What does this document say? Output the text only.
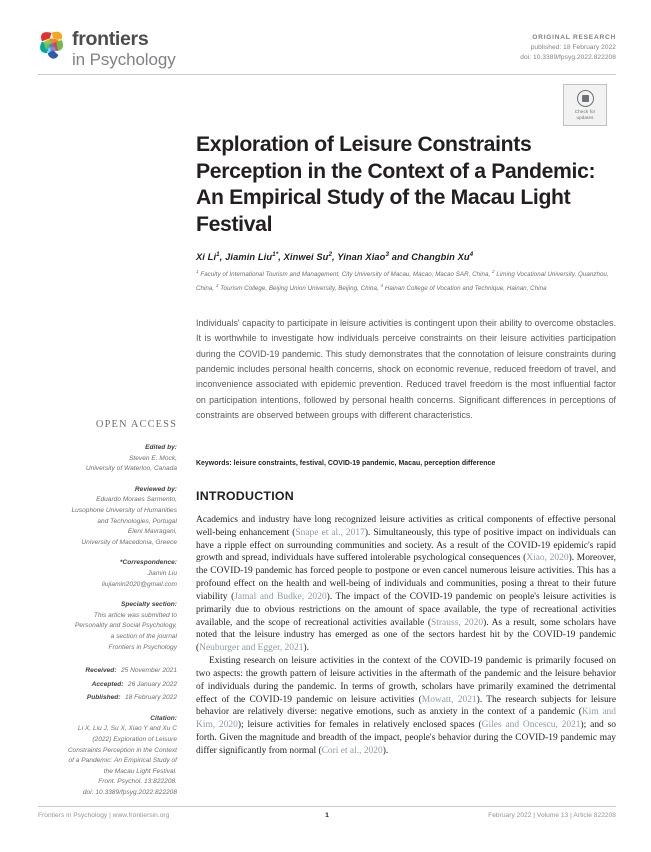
frontiers
in Psychology
ORIGINAL RESEARCH
published: 18 February 2022
doi: 10.3389/fpsyg.2022.822208
Check for
updates
Exploration of Leisure Constraints Perception in the Context of a Pandemic: An Empirical Study of the Macau Light Festival
Xi Li$^1$, Jiamin Liu$^{1*}$, Xinwei Su$^2$, Yinan Xiao$^3$ and Changbin Xu$^4$
$^1$ Faculty of International Tourism and Management, City University of Macau, Macao, Macao SAR, China, $^2$ Liming Vocational University, Quanzhou, China, $^3$ Tourism College, Beijing Union University, Beijing, China, $^4$ Hainan College of Vocation and Technique, Hainan, China
Individuals' capacity to participate in leisure activities is contingent upon their ability to overcome obstacles. It is worthwhile to investigate how individuals perceive constraints on their leisure activities participation during the COVID-19 pandemic. This study demonstrates that the connotation of leisure constraints during pandemic includes personal health concerns, shock on economic revenue, reduced freedom of travel, and inconvenience associated with epidemic prevention. Reduced travel freedom is the most influential factor on participation intentions, followed by personal health concerns. Significant differences in perceptions of constraints are observed between groups with different characteristics.
Keywords: leisure constraints, festival, COVID-19 pandemic, Macau, perception difference
INTRODUCTION

Academics and industry have long recognized leisure activities as critical components of effective personal well-being enhancement (Snape et al., 2017). Simultaneously, this type of positive impact on individuals can have a ripple effect on surrounding communities and society. As a result of the COVID-19 epidemic's rapid growth and spread, individuals have suffered intolerable psychological consequences (Xiao, 2020). Moreover, the COVID-19 pandemic has forced people to postpone or even cancel numerous leisure activities. This has a profound effect on the health and well-being of individuals and communities, posing a threat to their future viability (Jamal and Budke, 2020). The impact of the COVID-19 pandemic on people's leisure activities is primarily due to obvious restrictions on the amount of space available, the type of recreational activities available, and the scope of recreational activities available (Strauss, 2020). As a result, some scholars have noted that the leisure industry has emerged as one of the sectors hardest hit by the COVID-19 pandemic (Neuburger and Egger, 2021).

Existing research on leisure activities in the context of the COVID-19 pandemic is primarily focused on two aspects: the growth pattern of leisure activities in the aftermath of the pandemic and the leisure behavior of individuals during the pandemic. In terms of growth, scholars have primarily examined the detrimental effect of the COVID-19 pandemic on leisure activities (Mowatt, 2021). The research subjects for leisure behavior are relatively diverse: negative emotions, such as anxiety in the context of a pandemic (Kim and Kim, 2020); leisure activities for females in relatively enclosed spaces (Giles and Oncescu, 2021); and so forth. Given the magnitude and breadth of the impact, people's behavior during the COVID-19 pandemic may differ significantly from normal (Cori et al., 2020).

OPEN ACCESS
Edited by:
Steven E. Mock,
University of Waterloo, Canada
Reviewed by:
Eduardo Moraes Sarmento,
Lusophone University of Humanities
and Technologies, Portugal
Eleni Mavragani,
University of Macedonia, Greece
*Correspondence:
Jiamin Liu
liujiamin2020@gmail.com
Specialty section:
This article was submitted to
Personality and Social Psychology,
a section of the journal
Frontiers in Psychology
Received: 25 November 2021
Accepted: 26 January 2022
Published: 18 February 2022
Citation:
Li X, Liu J, Su X, Xiao Y and Xu C
(2022) Exploration of Leisure
Constraints Perception in the Context
of a Pandemic: An Empirical Study of
the Macau Light Festival.
Front. Psychol. 13:822208.
doi: 10.3389/fpsyg.2022.822208
Frontiers in Psychology | www.frontiersin.org	1	February 2022 | Volume 13 | Article 822208
